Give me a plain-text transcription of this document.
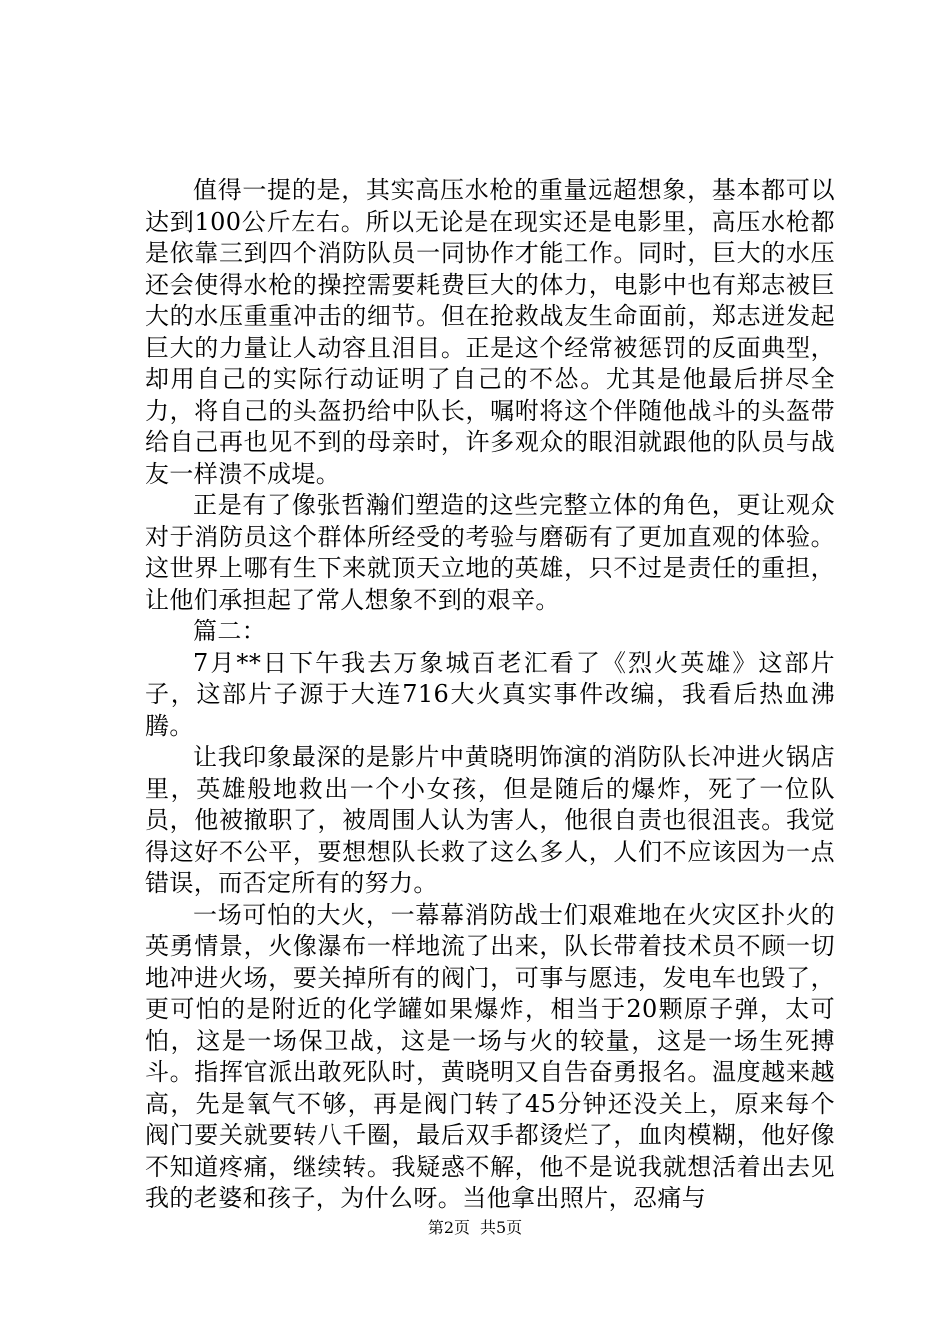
值得一提的是，其实高压水枪的重量远超想象，基本都可以达到100公斤左右。所以无论是在现实还是电影里，高压水枪都是依靠三到四个消防队员一同协作才能工作。同时，巨大的水压还会使得水枪的操控需要耗费巨大的体力，电影中也有郑志被巨大的水压重重冲击的细节。但在抢救战友生命面前，郑志迸发起巨大的力量让人动容且泪目。正是这个经常被惩罚的反面典型，却用自己的实际行动证明了自己的不怂。尤其是他最后拼尽全力，将自己的头盔扔给中队长，嘱咐将这个伴随他战斗的头盔带给自己再也见不到的母亲时，许多观众的眼泪就跟他的队员与战友一样溃不成堤。

正是有了像张哲瀚们塑造的这些完整立体的角色，更让观众对于消防员这个群体所经受的考验与磨砺有了更加直观的体验。这世界上哪有生下来就顶天立地的英雄，只不过是责任的重担，让他们承担起了常人想象不到的艰辛。

篇二：

7月**日下午我去万象城百老汇看了《烈火英雄》这部片子，这部片子源于大连716大火真实事件改编，我看后热血沸腾。

让我印象最深的是影片中黄晓明饰演的消防队长冲进火锅店里，英雄般地救出一个小女孩，但是随后的爆炸，死了一位队员，他被撤职了，被周围人认为害人，他很自责也很沮丧。我觉得这好不公平，要想想队长救了这么多人，人们不应该因为一点错误，而否定所有的努力。

一场可怕的大火，一幕幕消防战士们艰难地在火灾区扑火的英勇情景，火像瀑布一样地流了出来，队长带着技术员不顾一切地冲进火场，要关掉所有的阀门，可事与愿违，发电车也毁了，更可怕的是附近的化学罐如果爆炸，相当于20颗原子弹，太可怕，这是一场保卫战，这是一场与火的较量，这是一场生死搏斗。指挥官派出敢死队时，黄晓明又自告奋勇报名。温度越来越高，先是氧气不够，再是阀门转了45分钟还没关上，原来每个阀门要关就要转八千圈，最后双手都烫烂了，血肉模糊，他好像不知道疼痛，继续转。我疑惑不解，他不是说我就想活着出去见我的老婆和孩子，为什么呀。当他拿出照片，忍痛与

第2页 共5页
